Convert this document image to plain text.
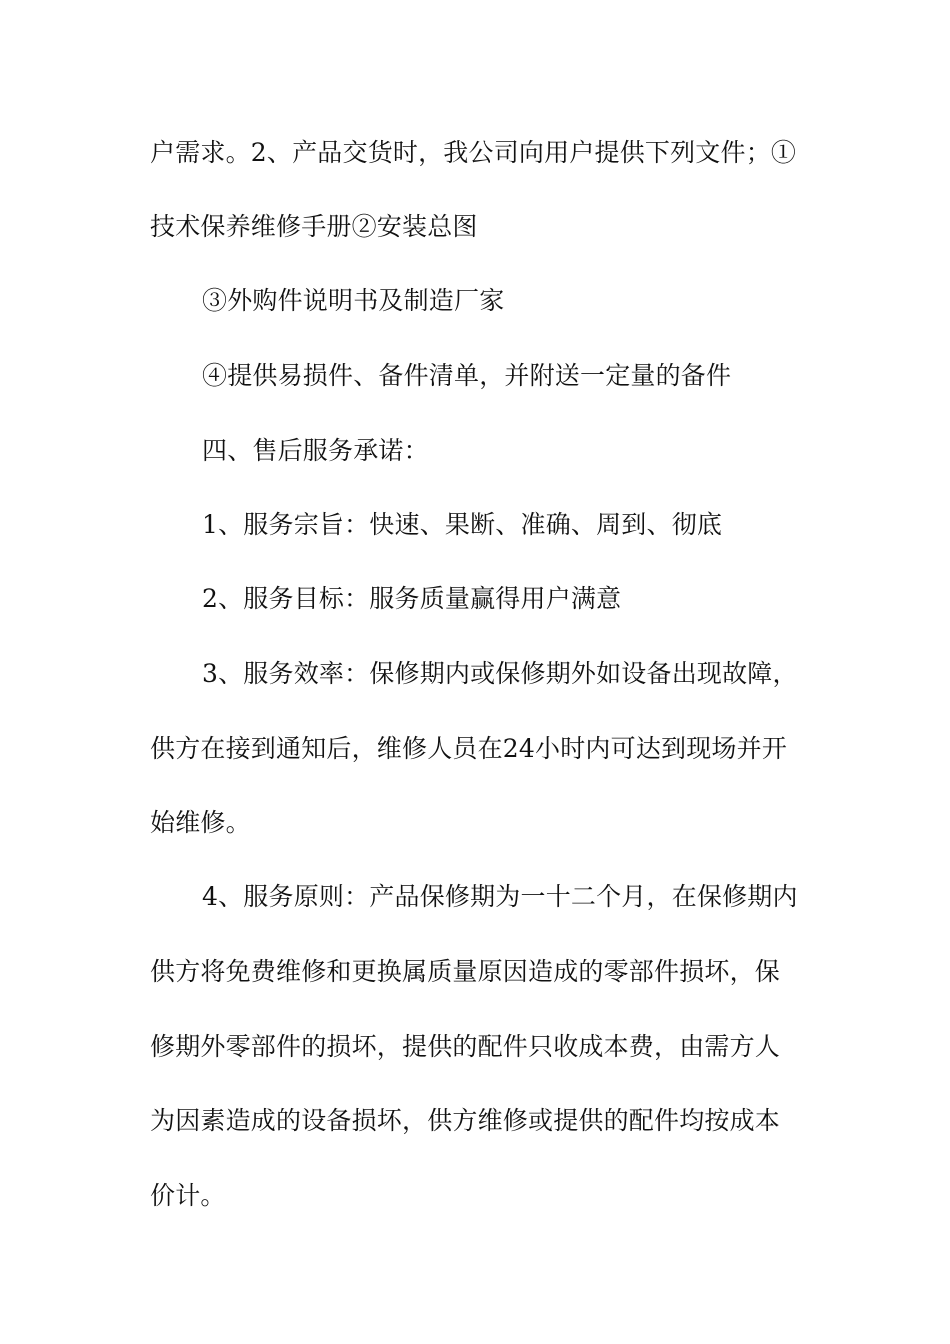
户需求。2、产品交货时，我公司向用户提供下列文件；①
技术保养维修手册②安装总图
③外购件说明书及制造厂家
④提供易损件、备件清单，并附送一定量的备件
四、售后服务承诺：
1、服务宗旨：快速、果断、准确、周到、彻底
2、服务目标：服务质量赢得用户满意
3、服务效率：保修期内或保修期外如设备出现故障，
供方在接到通知后，维修人员在24小时内可达到现场并开
始维修。
4、服务原则：产品保修期为一十二个月，在保修期内
供方将免费维修和更换属质量原因造成的零部件损坏，保
修期外零部件的损坏，提供的配件只收成本费，由需方人
为因素造成的设备损坏，供方维修或提供的配件均按成本
价计。
